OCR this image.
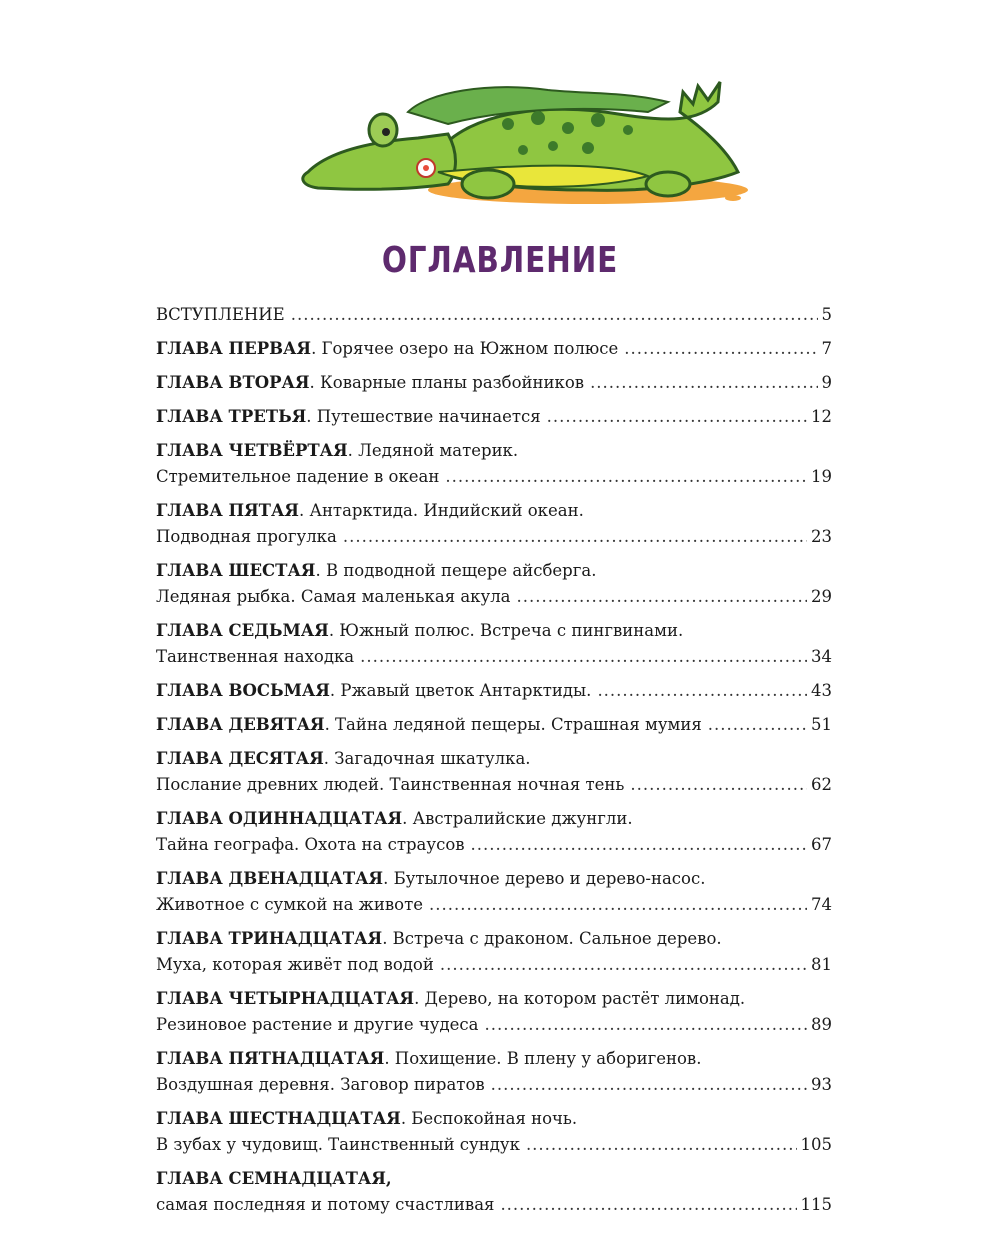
ОГЛАВЛЕНИЕ
ВСТУПЛЕНИЕ .....	5
ГЛАВА ПЕРВАЯ. Горячее озеро на Южном полюсе .....	7
ГЛАВА ВТОРАЯ. Коварные планы разбойников .....	9
ГЛАВА ТРЕТЬЯ. Путешествие начинается .....	12
ГЛАВА ЧЕТВЁРТАЯ. Ледяной материк.
Стремительное падение в океан .....	19
ГЛАВА ПЯТАЯ. Антарктида. Индийский океан.
Подводная прогулка .....	23
ГЛАВА ШЕСТАЯ. В подводной пещере айсберга.
Ледяная рыбка. Самая маленькая акула .....	29
ГЛАВА СЕДЬМАЯ. Южный полюс. Встреча с пингвинами.
Таинственная находка .....	34
ГЛАВА ВОСЬМАЯ. Ржавый цветок Антарктиды. .....	43
ГЛАВА ДЕВЯТАЯ. Тайна ледяной пещеры. Страшная мумия .....	51
ГЛАВА ДЕСЯТАЯ. Загадочная шкатулка.
Послание древних людей. Таинственная ночная тень .....	62
ГЛАВА ОДИННАДЦАТАЯ. Австралийские джунгли.
Тайна географа. Охота на страусов .....	67
ГЛАВА ДВЕНАДЦАТАЯ. Бутылочное дерево и дерево-насос.
Животное с сумкой на животе .....	74
ГЛАВА ТРИНАДЦАТАЯ. Встреча с драконом. Сальное дерево.
Муха, которая живёт под водой .....	81
ГЛАВА ЧЕТЫРНАДЦАТАЯ. Дерево, на котором растёт лимонад.
Резиновое растение и другие чудеса .....	89
ГЛАВА ПЯТНАДЦАТАЯ. Похищение. В плену у аборигенов.
Воздушная деревня. Заговор пиратов .....	93
ГЛАВА ШЕСТНАДЦАТАЯ. Беспокойная ночь.
В зубах у чудовищ. Таинственный сундук .....	105
ГЛАВА СЕМНАДЦАТАЯ,
самая последняя и потому счастливая .....	115
